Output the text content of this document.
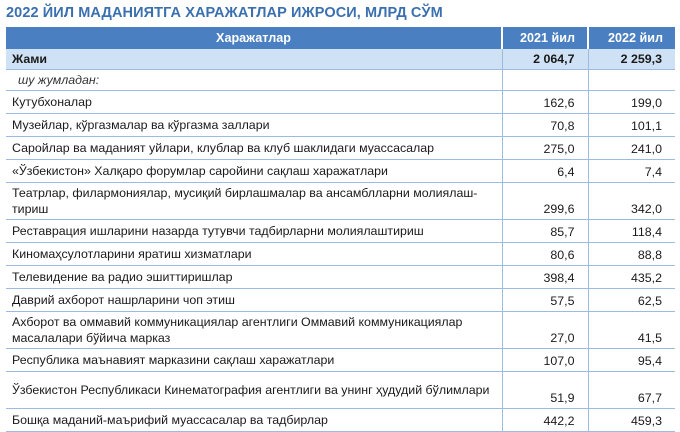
2022 ЙИЛ МАДАНИЯТГА ХАРАЖАТЛАР ИЖРОСИ, МЛРД СЎМ
Харажатлар	2021 йил	2022 йил
Жами	2 064,7	2 259,3
шу жумладан:		
Кутубхоналар	162,6	199,0
Музейлар, кўргазмалар ва кўргазма заллари	70,8	101,1
Саройлар ва маданият уйлари, клублар ва клуб шаклидаги муассасалар	275,0	241,0
«Ўзбекистон» Халқаро форумлар саройини сақлаш харажатлари	6,4	7,4
Театрлар, филармониялар, мусиқий бирлашмалар ва ансамблларни молиялаш-тириш	299,6	342,0
Реставрация ишларини назарда тутувчи тадбирларни молиялаштириш	85,7	118,4
Киномаҳсулотларини яратиш хизматлари	80,6	88,8
Телевидение ва радио эшиттиришлар	398,4	435,2
Даврий ахборот нашрларини чоп этиш	57,5	62,5
Ахборот ва оммавий коммуникациялар агентлиги Оммавий коммуникациялар масалалари бўйича марказ	27,0	41,5
Республика маънавият марказини сақлаш харажатлари	107,0	95,4
Ўзбекистон Республикаси Кинематография агентлиги ва унинг ҳудудий бўлимлари	51,9	67,7
Бошқа маданий-маърифий муассасалар ва тадбирлар	442,2	459,3
